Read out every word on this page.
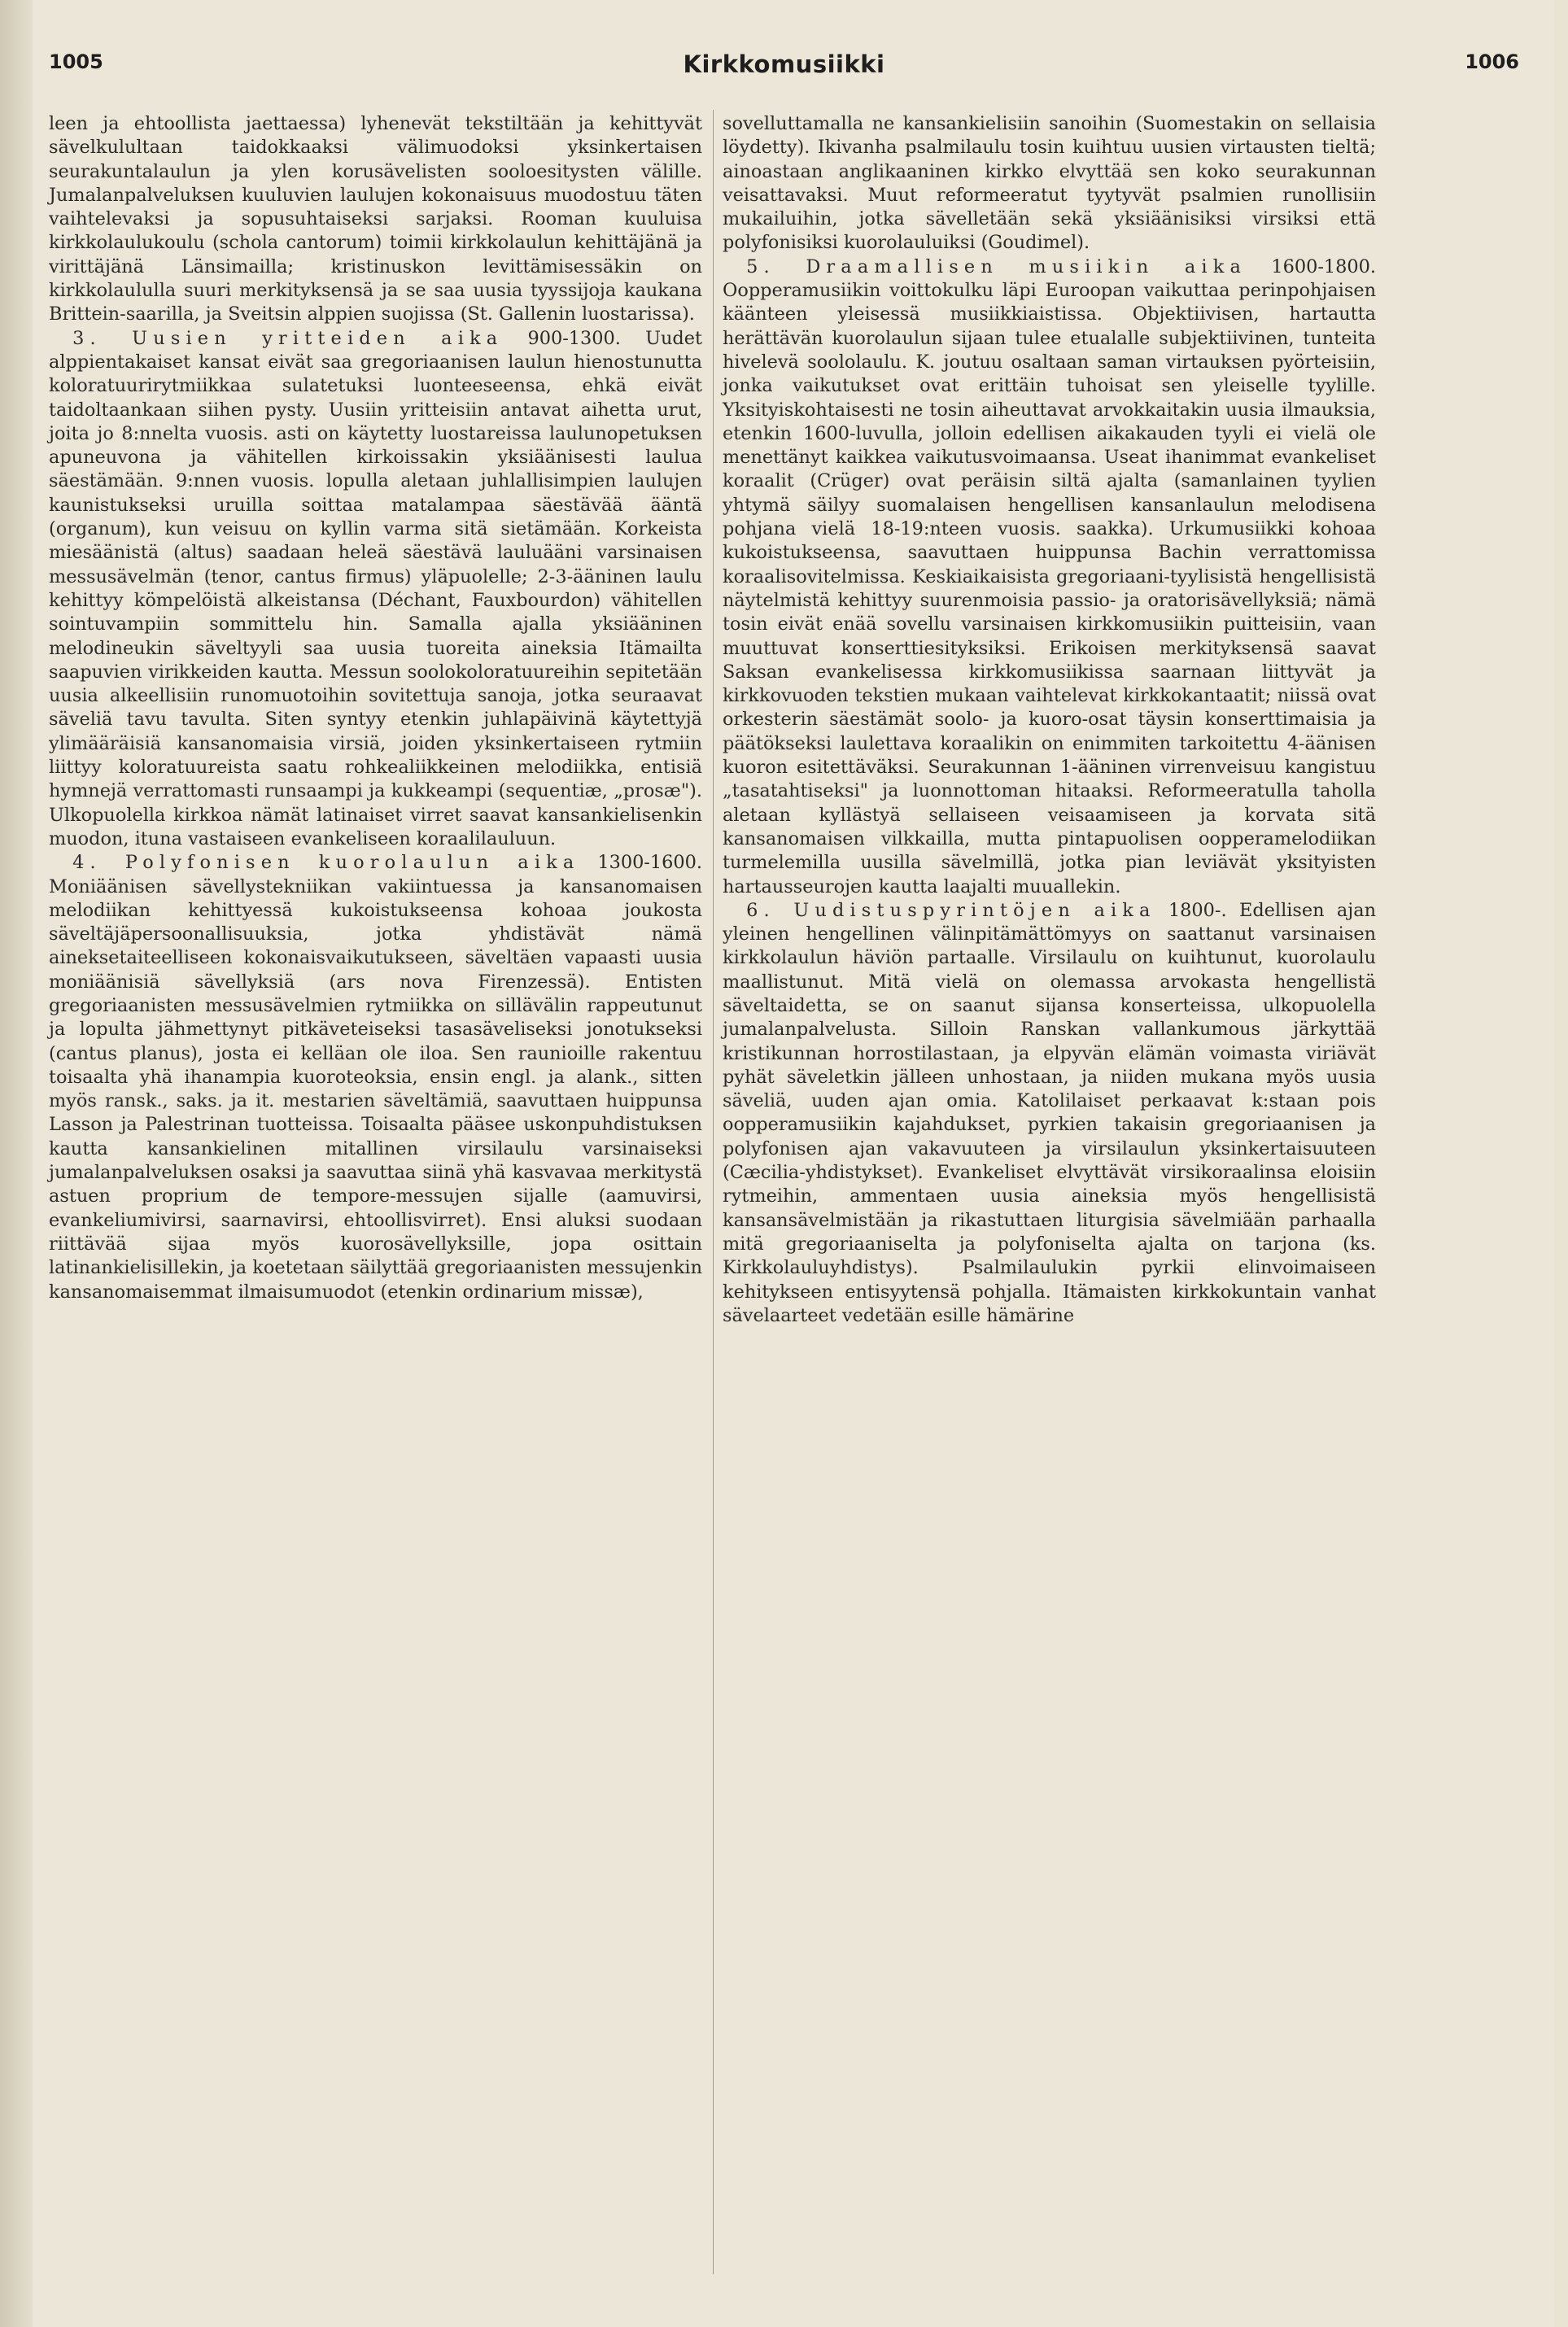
1005	Kirkkomusiikki	1006

leen ja ehtoollista jaettaessa) lyhenevät tekstiltään ja kehittyvät sävelkulultaan taidokkaaksi välimuodoksi yksinkertaisen seurakuntalaulun ja ylen korusävelisten sooloesitysten välille. Jumalanpalveluksen kuuluvien laulujen kokonaisuus muodostuu täten vaihtelevaksi ja sopusuhtaiseksi sarjaksi. Rooman kuuluisa kirkkolaulukoulu (schola cantorum) toimii kirkkolaulun kehittäjänä ja virittäjänä Länsimailla; kristinuskon levittämisessäkin on kirkkolaululla suuri merkityksensä ja se saa uusia tyyssijoja kaukana Brittein-saarilla, ja Sveitsin alppien suojissa (St. Gallenin luostarissa).

3. Uusien yritteiden aika 900-1300. Uudet alppientakaiset kansat eivät saa gregoriaanisen laulun hienostunutta koloratuurirytmiikkaa sulatetuksi luonteeseensa, ehkä eivät taidoltaankaan siihen pysty. Uusiin yritteisiin antavat aihetta urut, joita jo 8:nnelta vuosis. asti on käytetty luostareissa laulunopetuksen apuneuvona ja vähitellen kirkoissakin yksiäänisesti lauluа säestämään. 9:nnen vuosis. lopulla aletaan juhlallisimpien laulujen kaunistukseksi uruilla soittaa matalampaa säestävää ääntä (organum), kun veisuu on kyllin varma sitä sietämään. Korkeista miesäänistä (altus) saadaan heleä säestävä lauluääni varsinaisen messusävelmän (tenor, cantus firmus) yläpuolelle; 2-3-ääninen laulu kehittyy kömpelöistä alkeistansa (Déchant, Fauxbourdon) vähitellen sointuvampiin sommittelu hin. Samalla ajalla yksiääninen melodineukin säveltyyli saa uusia tuoreita aineksia Itämailta saapuvien virikkeiden kautta. Messun soolokoloratuureihin sepitetään uusia alkeellisiin runomuotoihin sovitettuja sanoja, jotka seuraavat säveliä tavu tavulta. Siten syntyy etenkin juhlapäivinä käytettyjä ylimääräisiä kansanomaisia virsiä, joiden yksinkertaiseen rytmiin liittyy koloratuureista saatu rohkealiikkeinen melodiikka, entisiä hymnejä verrattomasti runsaampi ja kukkeampi (sequentiæ, „prosæ"). Ulkopuolella kirkkoa nämät latinaiset virret saavat kansankielisenkin muodon, ituna vastaiseen evankeliseen koraalilauluun.

4. Polyfonisen kuorolaulun aika 1300-1600. Moniäänisen sävellystekniikan vakiintuessa ja kansanomaisen melodiikan kehittyessä kukoistukseensa kohoaa joukosta säveltäjäpersoonallisuuksia, jotka yhdistävät nämä aineksetaiteelliseen kokonaisvaikutukseen, säveltäen vapaasti uusia moniäänisiä sävellyksiä (ars nova Firenzessä). Entisten gregoriaanisten messusävelmien rytmiikka on sillävälin rappeutunut ja lopulta jähmettynyt pitkäveteiseksi tasasäveliseksi jonotukseksi (cantus planus), josta ei kelläan ole iloa. Sen raunioille rakentuu toisaalta yhä ihanampia kuoroteoksia, ensin engl. ja alank., sitten myös ransk., saks. ja it. mestarien säveltämiä, saavuttaen huippunsa Lasson ja Palestrinan tuotteissa. Toisaalta pääsee uskonpuhdistuksen kautta kansankielinen mitallinen virsilaulu varsinaiseksi jumalanpalveluksen osaksi ja saavuttaa siinä yhä kasvavaa merkitystä astuen proprium de tempore-messujen sijalle (aamuvirsi, evankeliumivirsi, saarnavirsi, ehtoollisvirret). Ensi aluksi suodaan riittävää sijaa myös kuorosävellyksille, jopa osittain latinankielisillekin, ja koetetaan säilyttää gregoriaanisten messujenkin kansanomaisemmat ilmaisumuodot (etenkin ordinarium missæ),

sovelluttamalla ne kansankielisiin sanoihin (Suomestakin on sellaisia löydetty). Ikivanha psalmilaulu tosin kuihtuu uusien virtausten tieltä; ainoastaan anglikaaninen kirkko elvyttää sen koko seurakunnan veisattavaksi. Muut reformeeratut tyytyvät psalmien runollisiin mukailuihin, jotka sävelletään sekä yksiäänisiksi virsiksi että polyfonisiksi kuorolauluiksi (Goudimel).

5. Draamallisen musiikin aika 1600-1800. Oopperamusiikin voittokulku läpi Euroopan vaikuttaa perinpohjaisen käänteen yleisessä musiikkiaistissa. Objektiivisen, hartautta herättävän kuorolaulun sijaan tulee etualalle subjektiivinen, tunteita hivelevä soololaulu. K. joutuu osaltaan saman virtauksen pyörteisiin, jonka vaikutukset ovat erittäin tuhoisat sen yleiselle tyylille. Yksityiskohtaisesti ne tosin aiheuttavat arvokkaitakin uusia ilmauksia, etenkin 1600-luvulla, jolloin edellisen aikakauden tyyli ei vielä ole menettänyt kaikkea vaikutusvoimaansa. Useat ihanimmat evankeliset koraalit (Crüger) ovat peräisin siltä ajalta (samanlainen tyylien yhtymä säilyy suomalaisen hengellisen kansanlaulun melodisena pohjana vielä 18-19:nteen vuosis. saakka). Urkumusiikki kohoaa kukoistukseensa, saavuttaen huippunsa Bachin verrattomissa koraalisovitelmissa. Keskiaikaisista gregoriaani-tyylisistä hengellisistä näytelmistä kehittyy suurenmoisia passio- ja oratorisävellyksiä; nämä tosin eivät enää sovellu varsinaisen kirkkomusiikin puitteisiin, vaan muuttuvat konserttiesityksiksi. Erikoisen merkityksensä saavat Saksan evankelisessa kirkkomusiikissa saarnaan liittyvät ja kirkkovuoden tekstien mukaan vaihtelevat kirkkokantaatit; niissä ovat orkesterin säestämät soolo- ja kuoro-osat täysin konserttimaisia ja päätökseksi laulettava koraalikin on enimmiten tarkoitettu 4-äänisen kuoron esitettäväksi. Seurakunnan 1-ääninen virrenveisuu kangistuu „tasatahtiseksi" ja luonnottoman hitaaksi. Reformeeratulla taholla aletaan kyllästyä sellaiseen veisaamiseen ja korvata sitä kansanomaisen vilkkailla, mutta pintapuolisen oopperamelodiikan turmelemilla uusilla sävelmillä, jotka pian leviävät yksityisten hartausseurojen kautta laajalti muuallekin.

6. Uudistuspyrintöjen aika 1800-. Edellisen ajan yleinen hengellinen välinpitämättömyys on saattanut varsinaisen kirkkolaulun häviön partaalle. Virsilaulu on kuihtunut, kuorolaulu maallistunut. Mitä vielä on olemassa arvokasta hengellistä säveltaidetta, se on saanut sijansa konserteissa, ulkopuolella jumalanpalvelusta. Silloin Ranskan vallankumous järkyttää kristikunnan horrostilastaan, ja elpyvän elämän voimasta viriävät pyhät säveletkin jälleen unhostaan, ja niiden mukana myös uusia säveliä, uuden ajan omia. Katolilaiset perkaavat k:staan pois oopperamusiikin kajahdukset, pyrkien takaisin gregoriaanisen ja polyfonisen ajan vakavuuteen ja virsilaulun yksinkertaisuuteen (Cæcilia-yhdistykset). Evankeliset elvyttävät virsikoraalinsa eloisiin rytmeihin, ammentaen uusia aineksia myös hengellisistä kansansävelmistään ja rikastuttaen liturgisia sävelmiään parhaalla mitä gregoriaaniselta ja polyfoniselta ajalta on tarjona (ks. Kirkkolauluyhdistys). Psalmilaulukin pyrkii elinvoimaiseen kehitykseen entisyytensä pohjalla. Itämaisten kirkkokuntain vanhat sävelaarteet vedetään esille hämärine
